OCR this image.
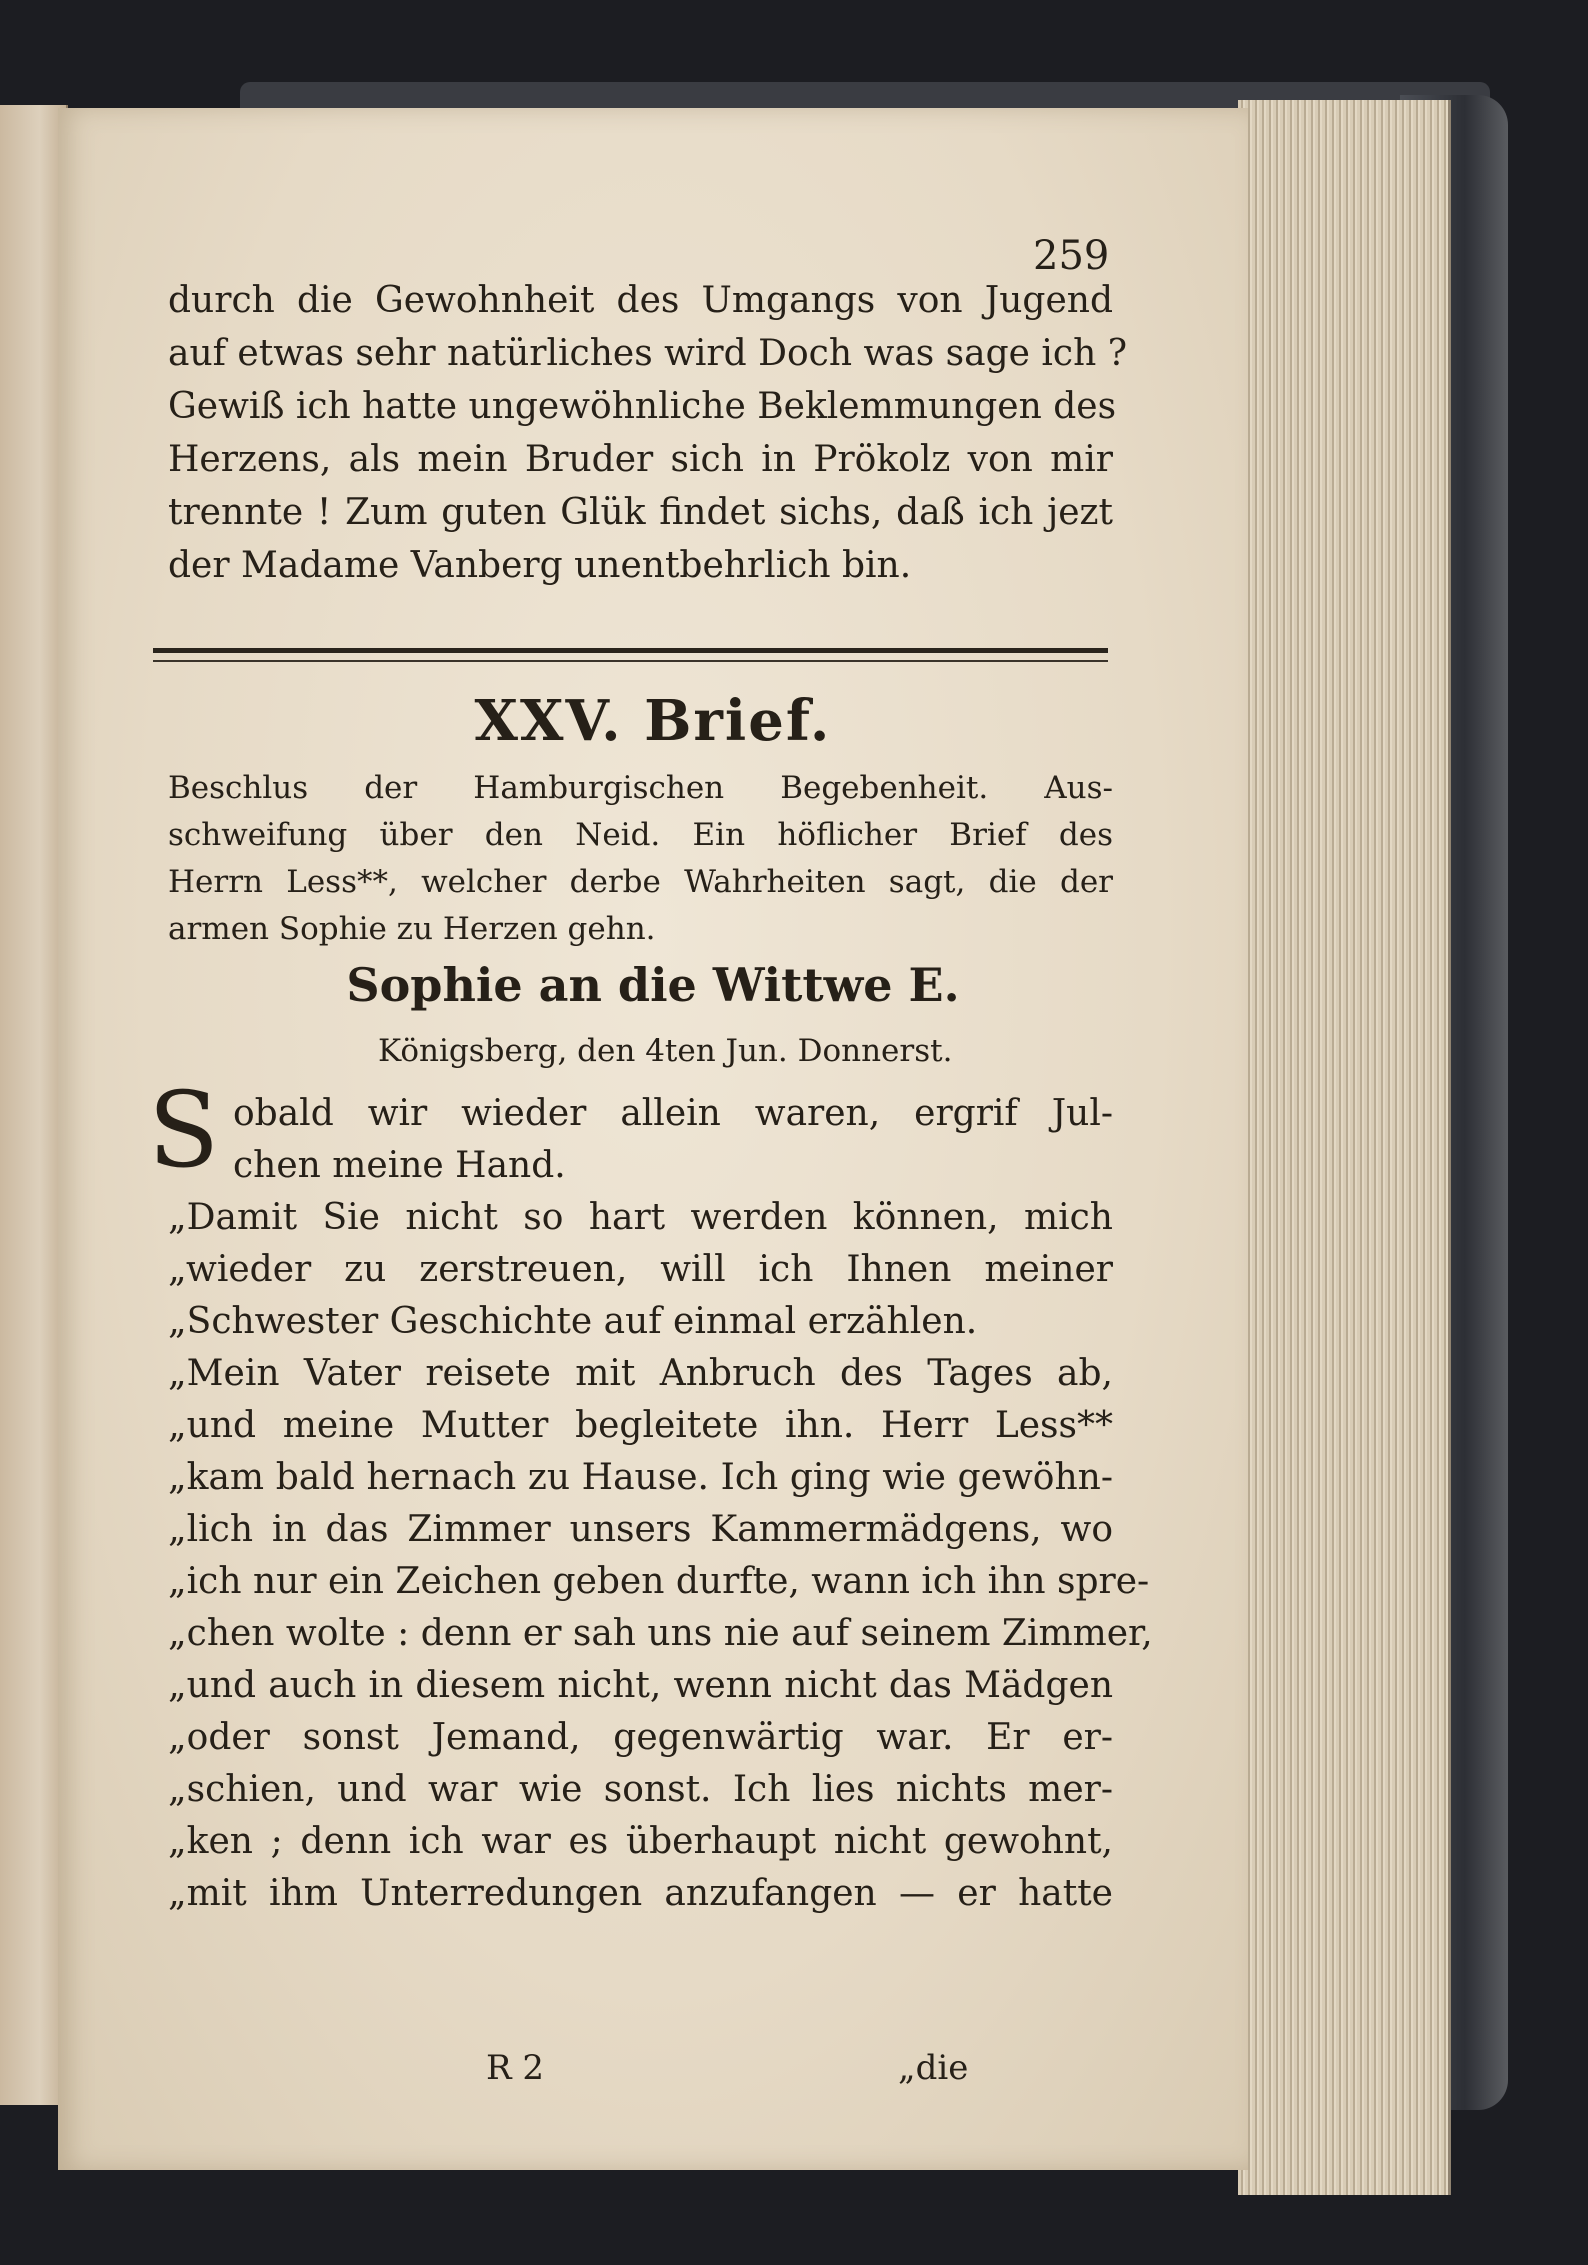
259

durch die Gewohnheit des Umgangs von Jugend

auf etwas sehr natürliches wird Doch was sage ich ?

Gewiß ich hatte ungewöhnliche Beklemmungen des

Herzens, als mein Bruder sich in Prökolz von mir

trennte ! Zum guten Glük findet sichs, daß ich jezt

der Madame Vanberg unentbehrlich bin.

XXV. Brief.

Beschlus der Hamburgischen Begebenheit. Aus-

schweifung über den Neid. Ein höflicher Brief des

Herrn Less**, welcher derbe Wahrheiten sagt, die der

armen Sophie zu Herzen gehn.

Sophie an die Wittwe E.
Königsberg, den 4ten Jun. Donnerst.
S obald wir wieder allein waren, ergrif Jul-

chen meine Hand.

„Damit Sie nicht so hart werden können, mich

„wieder zu zerstreuen, will ich Ihnen meiner

„Schwester Geschichte auf einmal erzählen.

„Mein Vater reisete mit Anbruch des Tages ab,

„und meine Mutter begleitete ihn. Herr Less**

„kam bald hernach zu Hause. Ich ging wie gewöhn-

„lich in das Zimmer unsers Kammermädgens, wo

„ich nur ein Zeichen geben durfte, wann ich ihn spre-

„chen wolte : denn er sah uns nie auf seinem Zimmer,

„und auch in diesem nicht, wenn nicht das Mädgen

„oder sonst Jemand, gegenwärtig war. Er er-

„schien, und war wie sonst. Ich lies nichts mer-

„ken ; denn ich war es überhaupt nicht gewohnt,

„mit ihm Unterredungen anzufangen — er hatte

R 2	„die
